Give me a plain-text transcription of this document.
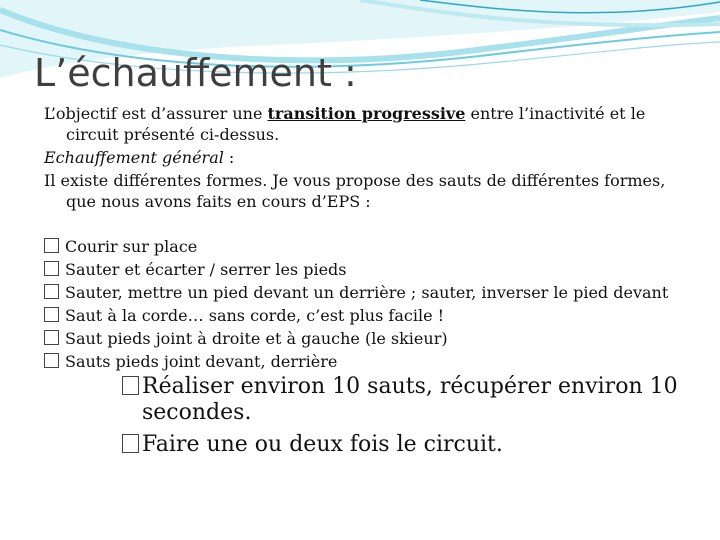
L’échauffement :

L’objectif est d’assurer une transition progressive entre l’inactivité et le circuit présenté ci-dessus.

Echauffement général :

Il existe différentes formes. Je vous propose des sauts de différentes formes, que nous avons faits en cours d’EPS :

Courir sur place
Sauter et écarter / serrer les pieds
Sauter, mettre un pied devant un derrière ; sauter, inverser le pied devant
Saut à la corde… sans corde, c’est plus facile !
Saut pieds joint à droite et à gauche (le skieur)
Sauts pieds joint devant, derrière

Réaliser environ 10 sauts, récupérer environ 10 secondes.

Faire une ou deux fois le circuit.
